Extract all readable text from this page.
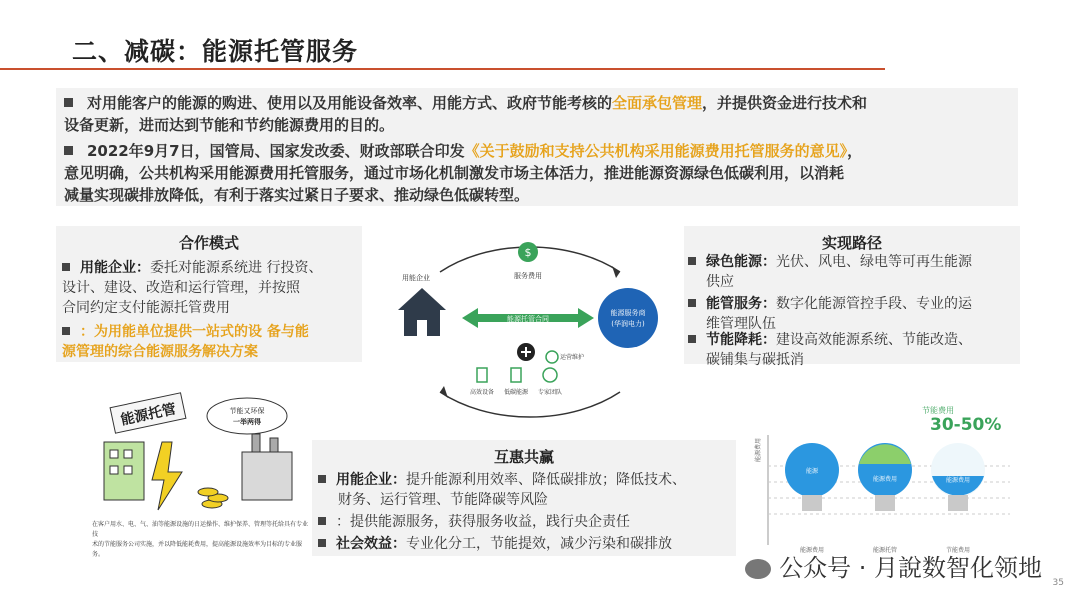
二、减碳：能源托管服务
对用能客户的能源的购进、使用以及用能设备效率、用能方式、政府节能考核的全面承包管理，并提供资金进行技术和
设备更新，进而达到节能和节约能源费用的目的。
2022年9月7日，国管局、国家发改委、财政部联合印发《关于鼓励和支持公共机构采用能源费用托管服务的意见》，
意见明确，公共机构采用能源费用托管服务，通过市场化机制激发市场主体活力，推进能源资源绿色低碳利用，以消耗
减量实现碳排放降低，有利于落实过紧日子要求、推动绿色低碳转型。
合作模式
用能企业：委托对能源系统进 行投资、
设计、建设、改造和运行管理，并按照
合同约定支付能源托管费用
：为用能单位提供一站式的设 备与能
源管理的综合能源服务解决方案
用能企业
$
服务费用
能源托管合同
能源服务商
(华润电力)
高效设备 低碳能源 专家团队
运营维护
实现路径
绿色能源：光伏、风电、绿电等可再生能源
供应
能管服务：数字化能源管控手段、专业的运
维管理队伍
节能降耗：建设高效能源系统、节能改造、
碳铺集与碳抵消
能源托管	节能又环保
一举两得
在客户用水、电、气、油等能源设施的日运操作、维护保养、管理等托给具有专业技
术的节能服务公司实施，并以降低能耗费用，提高能源设施效率为目标的专业服务。
互惠共赢
用能企业：提升能源利用效率、降低碳排放；降低技术、
财务、运行管理、节能降碳等风险
：提供能源服务，获得服务收益，践行央企责任
社会效益：专业化分工，节能提效，减少污染和碳排放
节能费用
30-50%
能源费用
能源
能源费用	能源费用
能源费用	能源托管	节能费用
公众号 · 月說数智化领地
35
